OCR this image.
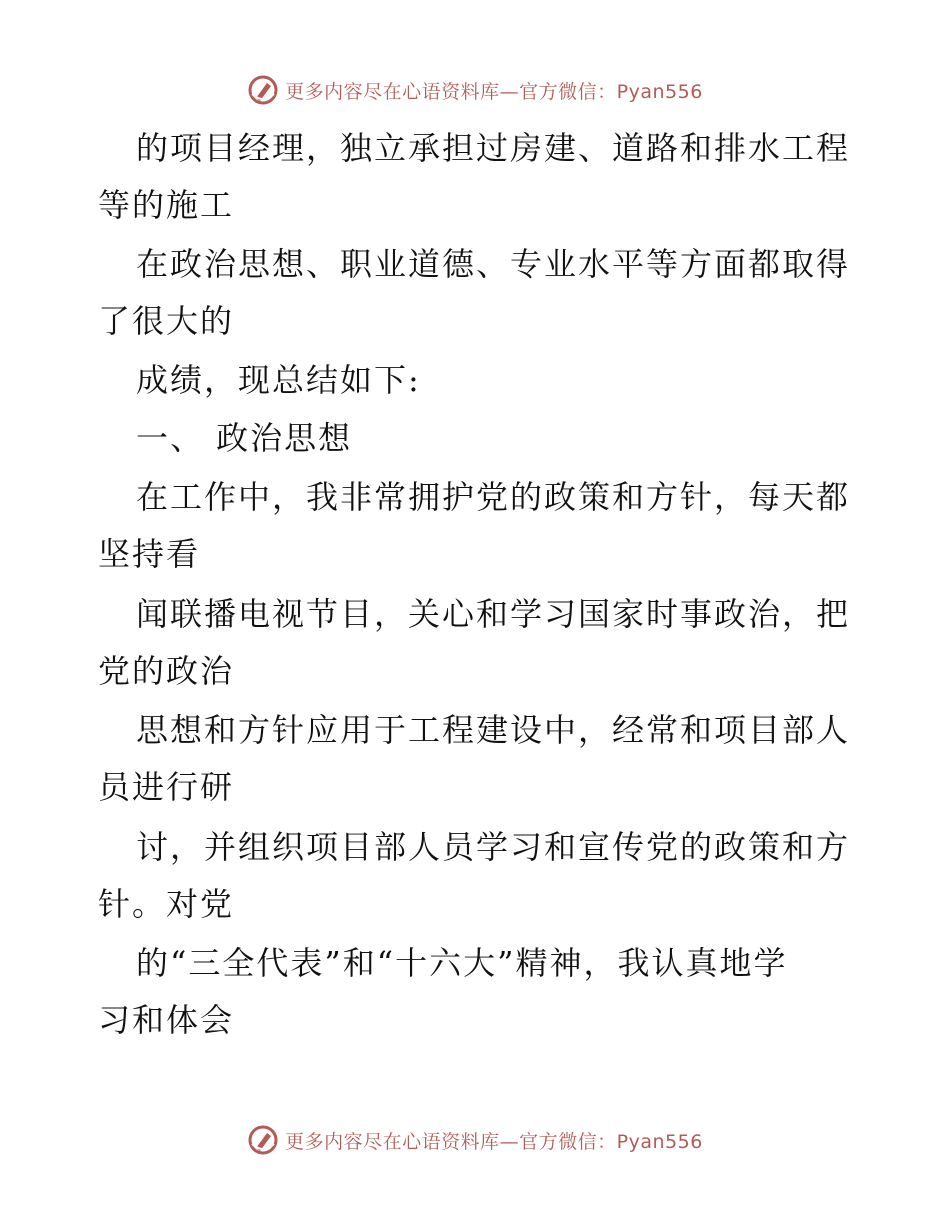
更多内容尽在心语资料库—官方微信：Pyan556
的项目经理，独立承担过房建、道路和排水工程
等的施工
在政治思想、职业道德、专业水平等方面都取得
了很大的
成绩，现总结如下:
一、 政治思想
在工作中，我非常拥护党的政策和方针，每天都
坚持看
闻联播电视节目，关心和学习国家时事政治，把
党的政治
思想和方针应用于工程建设中，经常和项目部人
员进行研
讨，并组织项目部人员学习和宣传党的政策和方
针。对党
的“三全代表”和“十六大”精神，我认真地学
习和体会
更多内容尽在心语资料库—官方微信：Pyan556
